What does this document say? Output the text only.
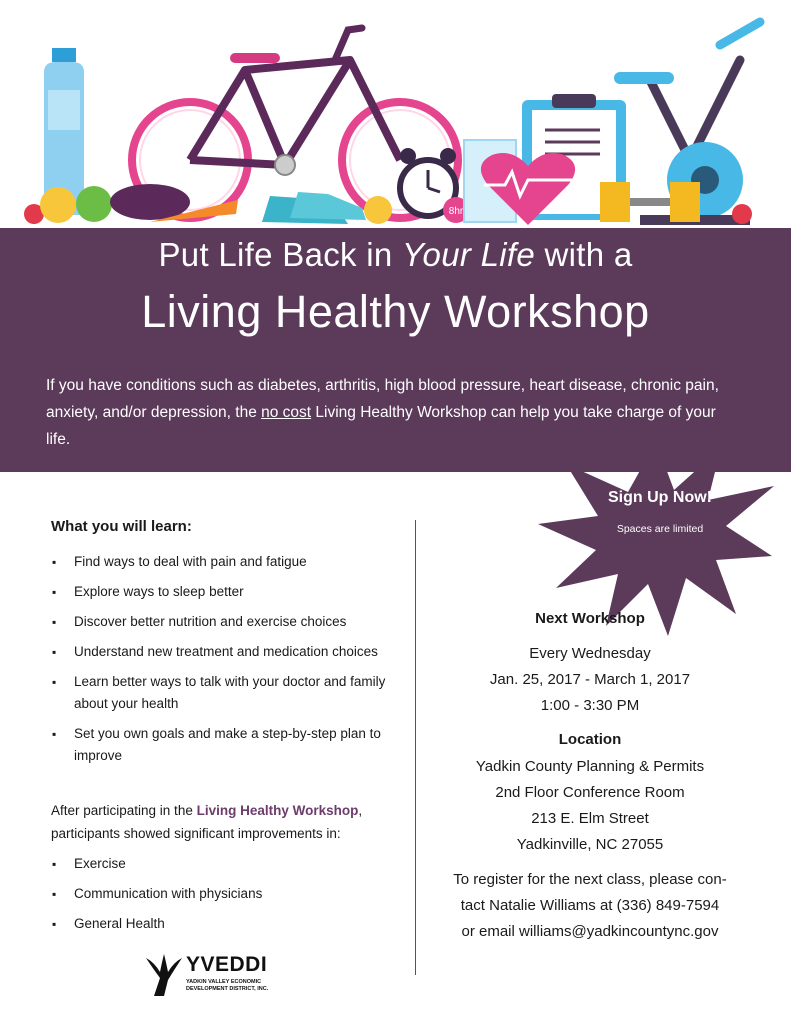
8hr
Put Life Back in Your Life with a
Living Healthy Workshop
If you have conditions such as diabetes, arthritis, high blood pressure, heart disease, chronic pain, anxiety, and/or depression, the no cost Living Healthy Workshop can help you take charge of your life.
Sign Up Now!
Spaces are limited
What you will learn:
▪ Find ways to deal with pain and fatigue
▪ Explore ways to sleep better
▪ Discover better nutrition and exercise choices
▪ Understand new treatment and medication choices
▪ Learn better ways to talk with your doctor and family about your health
▪ Set you own goals and make a step-by-step plan to improve
After participating in the Living Healthy Workshop, participants showed significant improvements in:
▪ Exercise
▪ Communication with physicians
▪ General Health
Next Workshop
Every Wednesday
Jan. 25, 2017 - March 1, 2017
1:00 - 3:30 PM
Location
Yadkin County Planning & Permits
2nd Floor Conference Room
213 E. Elm Street
Yadkinville, NC 27055
To register for the next class, please con-
tact Natalie Williams at (336) 849-7594
or email williams@yadkincountync.gov
YVEDDI
YADKIN VALLEY ECONOMIC DEVELOPMENT DISTRICT, INC.
